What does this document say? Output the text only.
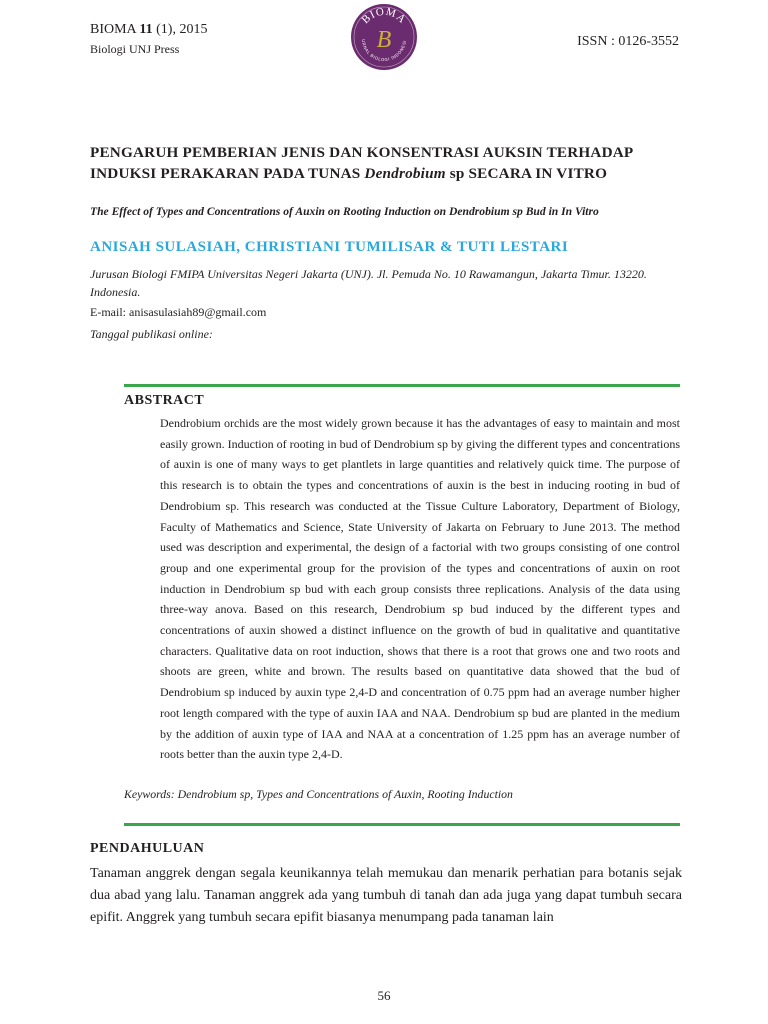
BIOMA 11 (1), 2015
Biologi UNJ Press	ISSN : 0126-3552
BIOMA
URNAL BIOLOGI INDONESI
B
PENGARUH PEMBERIAN JENIS DAN KONSENTRASI AUKSIN TERHADAP
INDUKSI PERAKARAN PADA TUNAS Dendrobium sp SECARA IN VITRO
The Effect of Types and Concentrations of Auxin on Rooting Induction on Dendrobium sp Bud in In Vitro
ANISAH SULASIAH, CHRISTIANI TUMILISAR & TUTI LESTARI
Jurusan Biologi FMIPA Universitas Negeri Jakarta (UNJ). Jl. Pemuda No. 10 Rawamangun, Jakarta Timur. 13220.
Indonesia.
E-mail: anisasulasiah89@gmail.com
Tanggal publikasi online:
ABSTRACT
Dendrobium orchids are the most widely grown because it has the advantages of easy to maintain and most easily grown. Induction of rooting in bud of Dendrobium sp by giving the different types and concentrations of auxin is one of many ways to get plantlets in large quantities and relatively quick time. The purpose of this research is to obtain the types and concentrations of auxin is the best in inducing rooting in bud of Dendrobium sp. This research was conducted at the Tissue Culture Laboratory, Department of Biology, Faculty of Mathematics and Science, State University of Jakarta on February to June 2013. The method used was description and experimental, the design of a factorial with two groups consisting of one control group and one experimental group for the provision of the types and concentrations of auxin on root induction in Dendrobium sp bud with each group consists three replications. Analysis of the data using three-way anova. Based on this research, Dendrobium sp bud induced by the different types and concentrations of auxin showed a distinct influence on the growth of bud in qualitative and quantitative characters. Qualitative data on root induction, shows that there is a root that grows one and two roots and shoots are green, white and brown. The results based on quantitative data showed that the bud of Dendrobium sp induced by auxin type 2,4-D and concentration of 0.75 ppm had an average number higher root length compared with the type of auxin IAA and NAA. Dendrobium sp bud are planted in the medium by the addition of auxin type of IAA and NAA at a concentration of 1.25 ppm has an average number of roots better than the auxin type 2,4-D.
Keywords: Dendrobium sp, Types and Concentrations of Auxin, Rooting Induction
PENDAHULUAN
Tanaman anggrek dengan segala keunikannya telah memukau dan menarik perhatian para botanis sejak dua abad yang lalu. Tanaman anggrek ada yang tumbuh di tanah dan ada juga yang dapat tumbuh secara epifit. Anggrek yang tumbuh secara epifit biasanya menumpang pada tanaman lain
56
